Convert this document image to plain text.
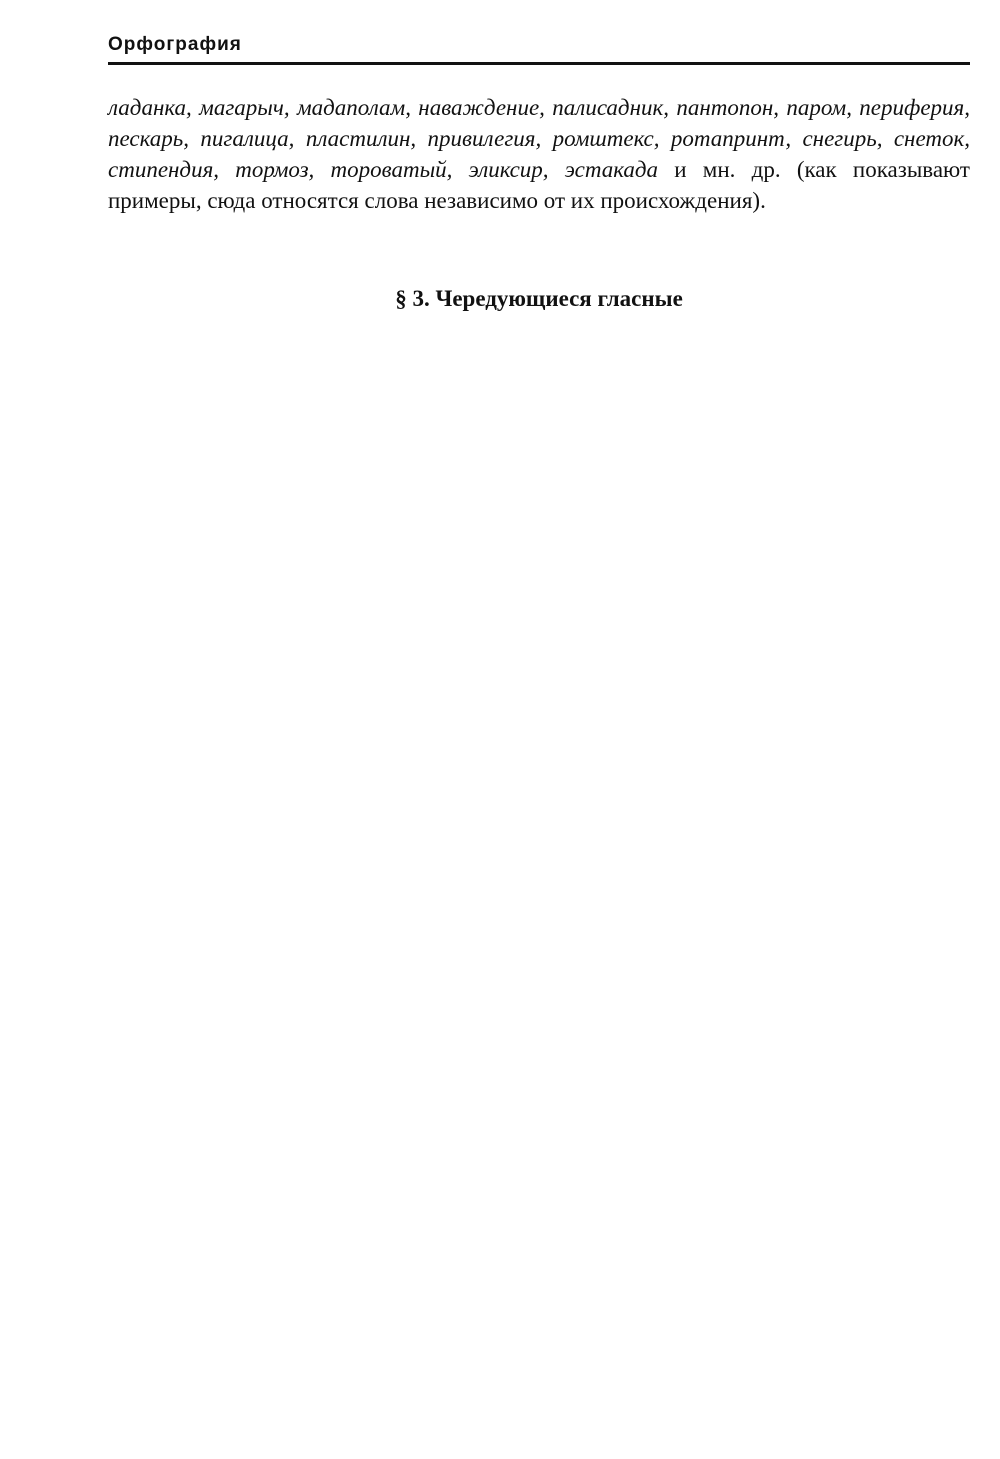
Орфография

ладанка, магарыч, мадаполам, наваждение, палисадник, пантопон, паром, периферия, пескарь, пигалица, пластилин, привилегия, ромштекс, ротапринт, снегирь, снеток, стипендия, тормоз, тороватый, эликсир, эстакада и мн. др. (как показывают примеры, сюда относятся слова независимо от их происхождения).

§ 3. Чередующиеся гласные
